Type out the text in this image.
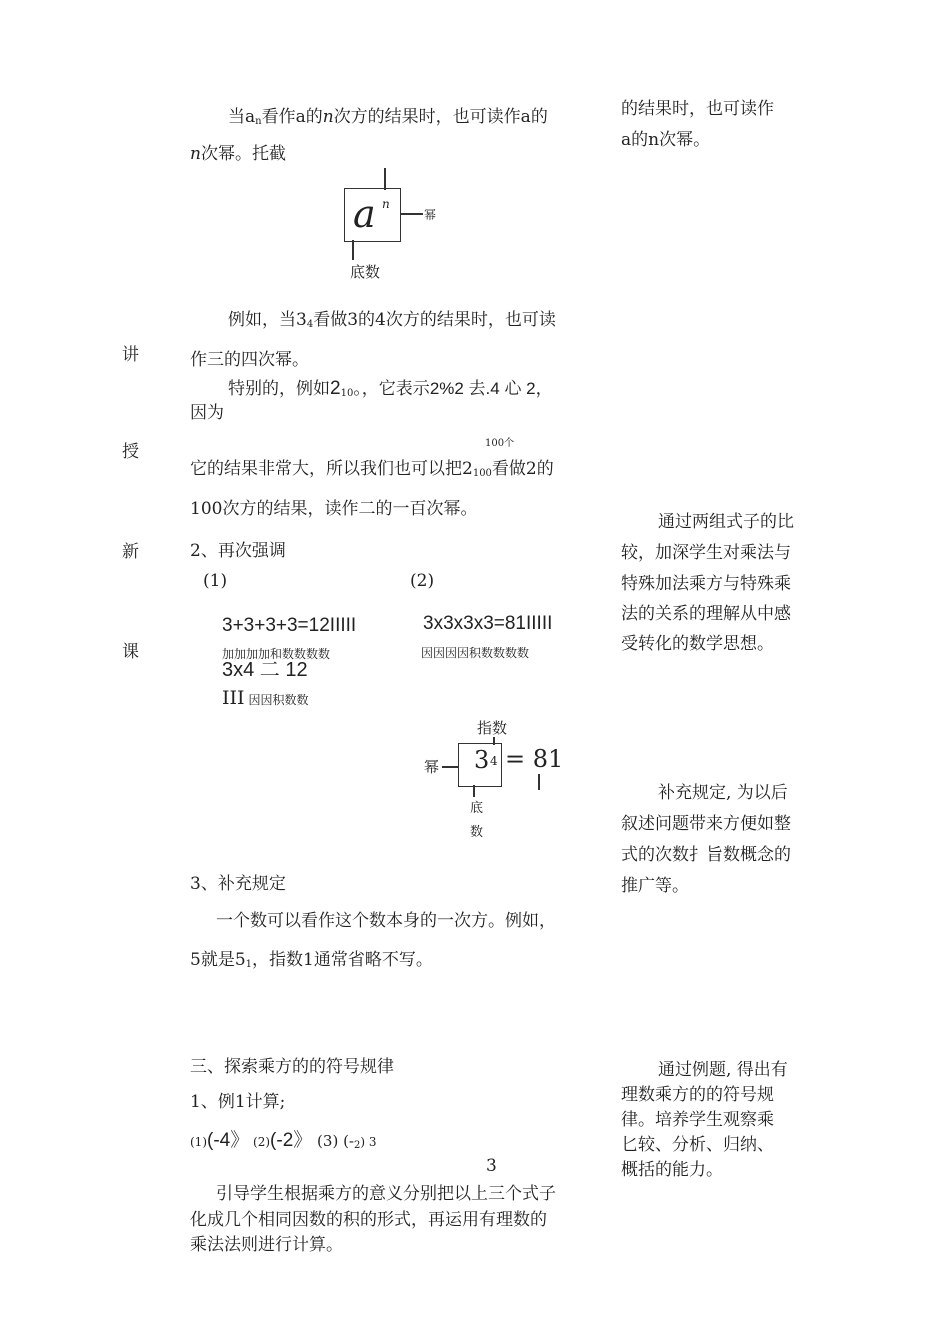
讲
授
新
课
当$a_n$看作a的n次方的结果时，也可读作a的
n次幂。托截
a n
幂
底数
例如，当$3_4$看做3的4次方的结果时，也可读
作三的四次幂。
特别的，例如$2_{10}$。，它表示2%2 去.4 心 2，
因为
100个
它的结果非常大，所以我们也可以把$2_{100}$看做2的
100次方的结果，读作二的一百次幂。
2、再次强调
(1)	(2)
3+3+3+3=12IIIII
加加加加和数数数数
3x3x3x3=81IIIII
因因因因积数数数数
3x4 二 12
III 因因积数数
指数
3 4 = 81
幂
底
数
3、补充规定
一个数可以看作这个数本身的一次方。例如，
5就是$5_1$，指数1通常省略不写。
三、探索乘方的的符号规律
1、例1计算;
(1)(-4》 (2)(-2》 (3) $(-_2)$ 3
3
引导学生根据乘方的意义分别把以上三个式子
化成几个相同因数的积的形式，再运用有理数的
乘法法则进行计算。
的结果时，也可读作
a的n次幂。
通过两组式子的比
较，加深学生对乘法与
特殊加法乘方与特殊乘
法的关系的理解从中感
受转化的数学思想。
补充规定, 为以后
叙述问题带来方便如整
式的次数扌旨数概念的
推广等。
通过例题, 得出有
理数乘方的的符号规
律。培养学生观察乘
匕较、分析、归纳、
概括的能力。
